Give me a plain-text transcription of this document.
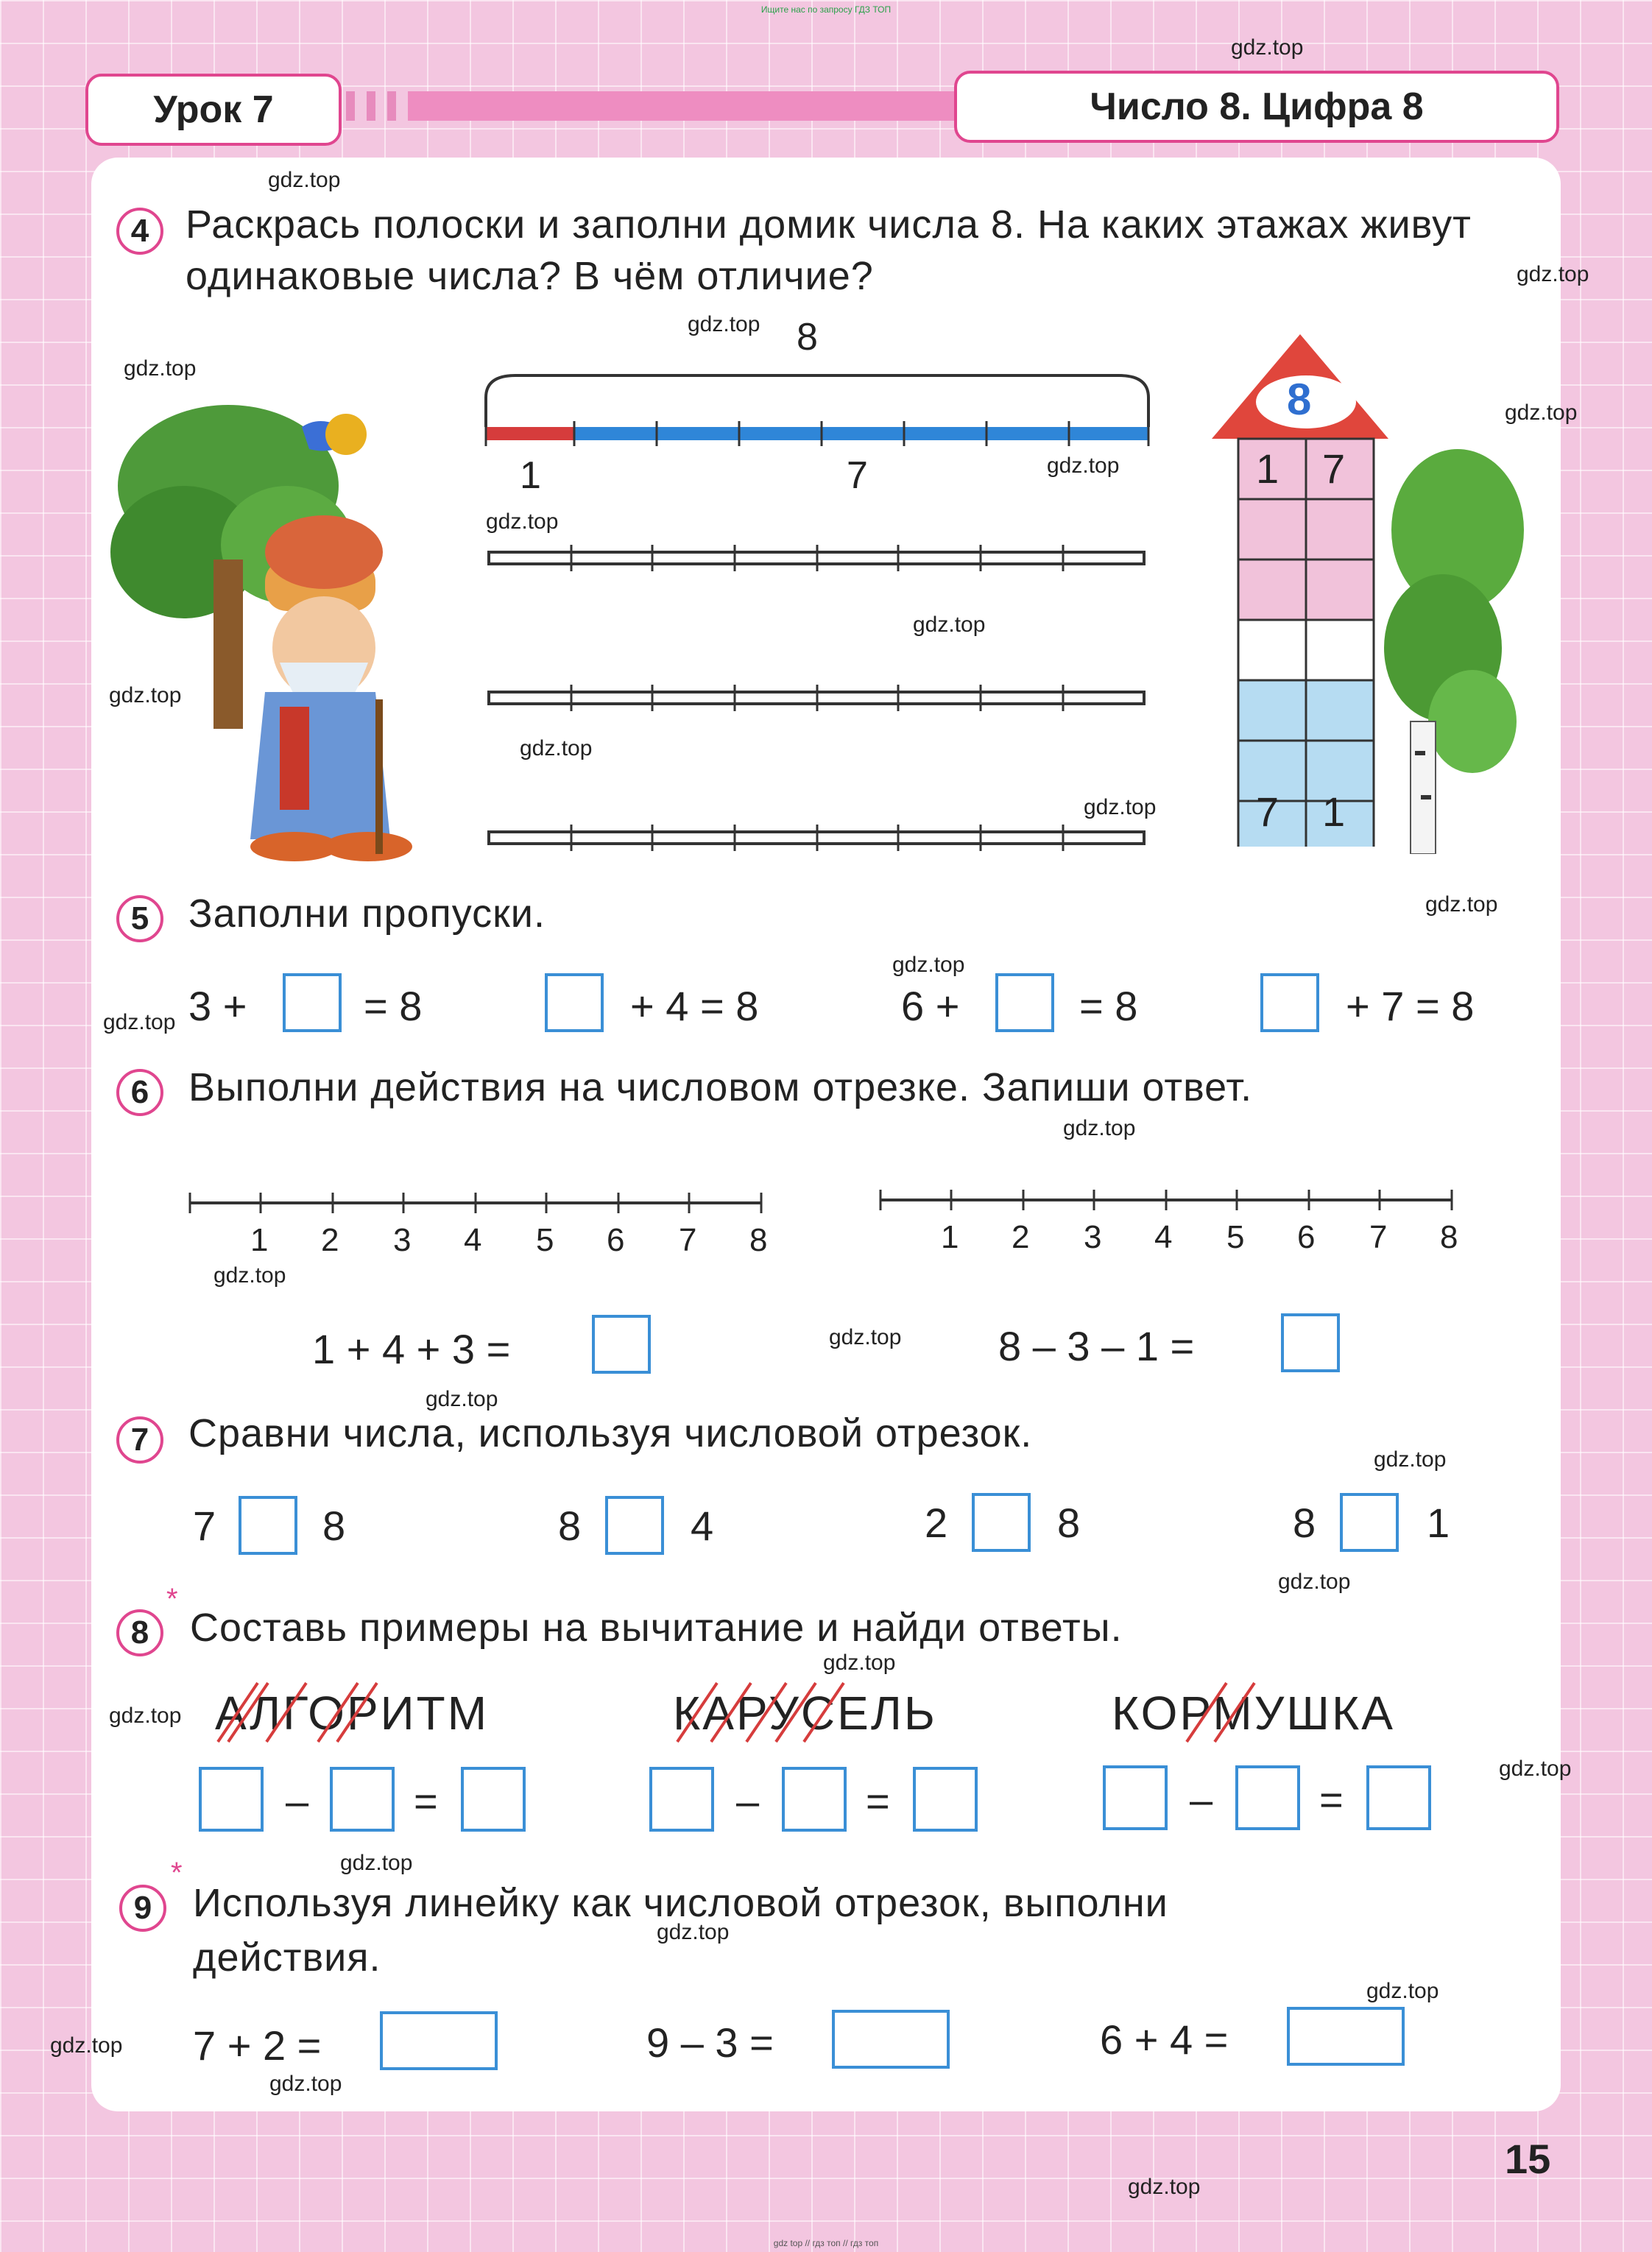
Ищите нас по запросу ГДЗ ТОП
Урок 7	Число 8. Цифра 8
gdz.top
gdz.top
gdz.top
gdz.top
gdz.top
gdz.top
gdz.top
gdz.top
gdz.top
gdz.top
gdz.top
gdz.top
gdz.top
gdz.top
gdz.top
gdz.top
gdz.top
gdz.top
gdz.top
gdz.top
gdz.top
gdz.top
gdz.top
gdz.top
gdz.top
gdz.top
gdz.top
gdz.top
gdz.top
gdz.top
4 Раскрась полоски и заполни домик числа 8. На каких этажах живут одинаковые числа? В чём отличие?
8
1	7
8
1 7
7 1
5 Заполни пропуски.
3 +	= 8	+ 4 = 8	6 +	= 8	+ 7 = 8
6 Выполни действия на числовом отрезке. Запиши ответ.
1 2 3 4 5 6 7 8	1 2 3 4 5 6 7 8
1 + 4 + 3 =	8 – 3 – 1 =
7 Сравни числа, используя числовой отрезок.
7	8	8	4	2	8	8	1
*
8	Составь примеры на вычитание и найди ответы.
АЛГОРИТМ	КАРУСЕЛЬ	КОРМУШКА
–	=	–	=	–	=
*
9	Используя линейку как числовой отрезок, выполни
действия.
7 + 2 =	9 – 3 =	6 + 4 =
15
gdz top // гдз топ // гдз топ
